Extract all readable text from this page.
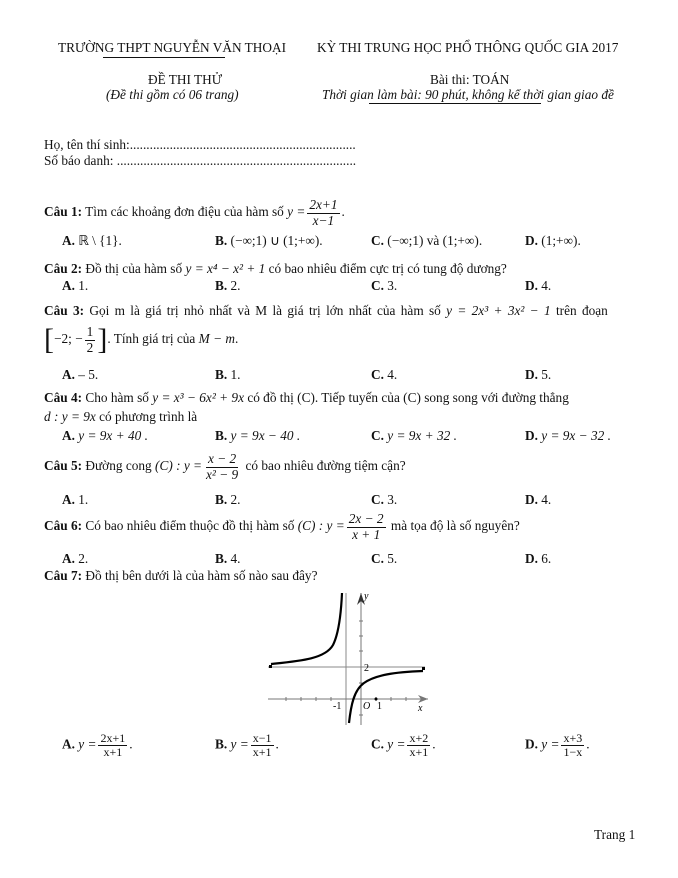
TRƯỜNG THPT NGUYỄN VĂN THOẠI KỲ THI TRUNG HỌC PHỔ THÔNG QUỐC GIA 2017
ĐỀ THI THỬ
(Đề thi gồm có 06 trang)
Bài thi: TOÁN
Thời gian làm bài: 90 phút, không kể thời gian giao đề
Họ, tên thí sinh:....................................................................
Số báo danh: ........................................................................
Câu 1: Tìm các khoảng đơn điệu của hàm số $y = \frac{2x+1}{x-1}$ .
A. ℝ \ {1}.	B. (−∞;1) ∪ (1;+∞).	C. (−∞;1) và (1;+∞).	D. (1;+∞).
Câu 2: Đồ thị của hàm số y = x⁴ − x² + 1 có bao nhiêu điểm cực trị có tung độ dương?
A. 1.	B. 2.	C. 3.	D. 4.
Câu 3: Gọi m là giá trị nhỏ nhất và M là giá trị lớn nhất của hàm số y = 2x³ + 3x² − 1 trên đoạn
[−2; − $\frac{1}{2}$ ]. Tính giá trị của M − m.
A. – 5.	B. 1.	C. 4.	D. 5.
Câu 4: Cho hàm số y = x³ − 6x² + 9x có đồ thị (C). Tiếp tuyến của (C) song song với đường thẳng
d : y = 9x có phương trình là
A. y = 9x + 40 .	B. y = 9x − 40 .	C. y = 9x + 32 .	D. y = 9x − 32 .
Câu 5: Đường cong (C) : $y = \frac{x - 2}{\text{x² − 9}}$ có bao nhiêu đường tiệm cận?
A. 1.	B. 2.	C. 3.	D. 4.
Câu 6: Có bao nhiêu điểm thuộc đồ thị hàm số (C) : $y = \frac{2x - 2}{x + 1}$ mà tọa độ là số nguyên?
A. 2.	B. 4.	C. 5.	D. 6.
Câu 7: Đồ thị bên dưới là của hàm số nào sau đây?
y
x
2
-1 O 1
A. $y = \frac{2x+1}{x+1}$ .	B. $y = \frac{x-1}{x+1}$ .	C. $y = \frac{x+2}{x+1}$ .	D. $y = \frac{x+3}{1-x}$ .
Trang 1
